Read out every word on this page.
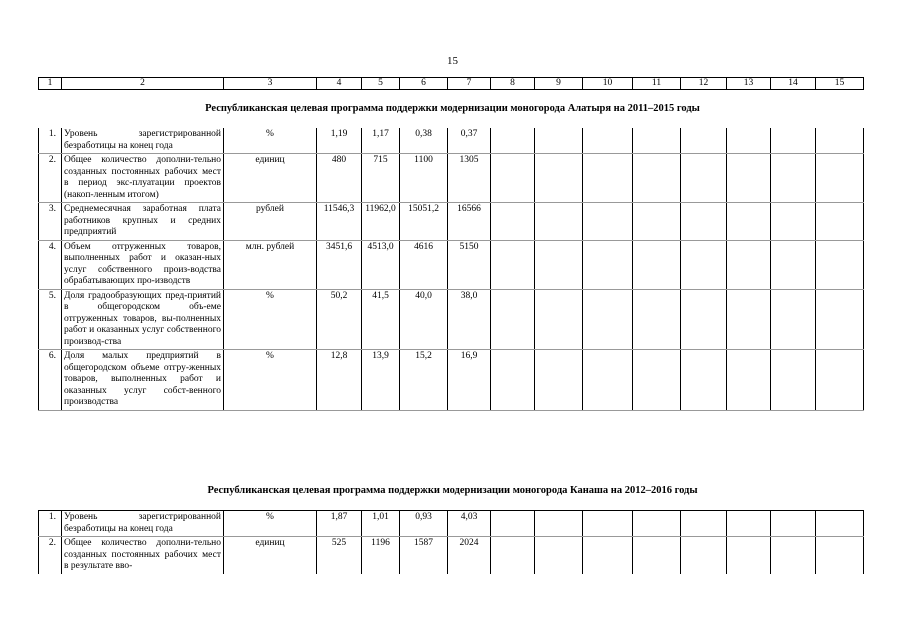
15
1	2	3	4	5	6	7	8	9	10	11	12	13	14	15
Республиканская целевая программа поддержки модернизации моногорода Алатыря на 2011–2015 годы
1.	Уровень зарегистрированной безработицы на конец года	%	1,19	1,17	0,38	0,37								
2.	Общее количество дополни-тельно созданных постоянных рабочих мест в период экс-плуатации проектов (накоп-ленным итогом)	единиц	480	715	1100	1305								
3.	Среднемесячная заработная плата работников крупных и средних предприятий	рублей	11546,3	11962,0	15051,2	16566								
4.	Объем отгруженных товаров, выполненных работ и оказан-ных услуг собственного произ-водства обрабатывающих про-изводств	млн. рублей	3451,6	4513,0	4616	5150								
5.	Доля градообразующих пред-приятий в общегородском объ-еме отгруженных товаров, вы-полненных работ и оказанных услуг собственного производ-ства	%	50,2	41,5	40,0	38,0								
6.	Доля малых предприятий в общегородском объеме отгру-женных товаров, выполненных работ и оказанных услуг собст-венного производства	%	12,8	13,9	15,2	16,9								
Республиканская целевая программа поддержки модернизации моногорода Канаша на 2012–2016 годы
1.	Уровень зарегистрированной безработицы на конец года	%	1,87	1,01	0,93	4,03								
2.	Общее количество дополни-тельно созданных постоянных рабочих мест в результате вво-	единиц	525	1196	1587	2024								
